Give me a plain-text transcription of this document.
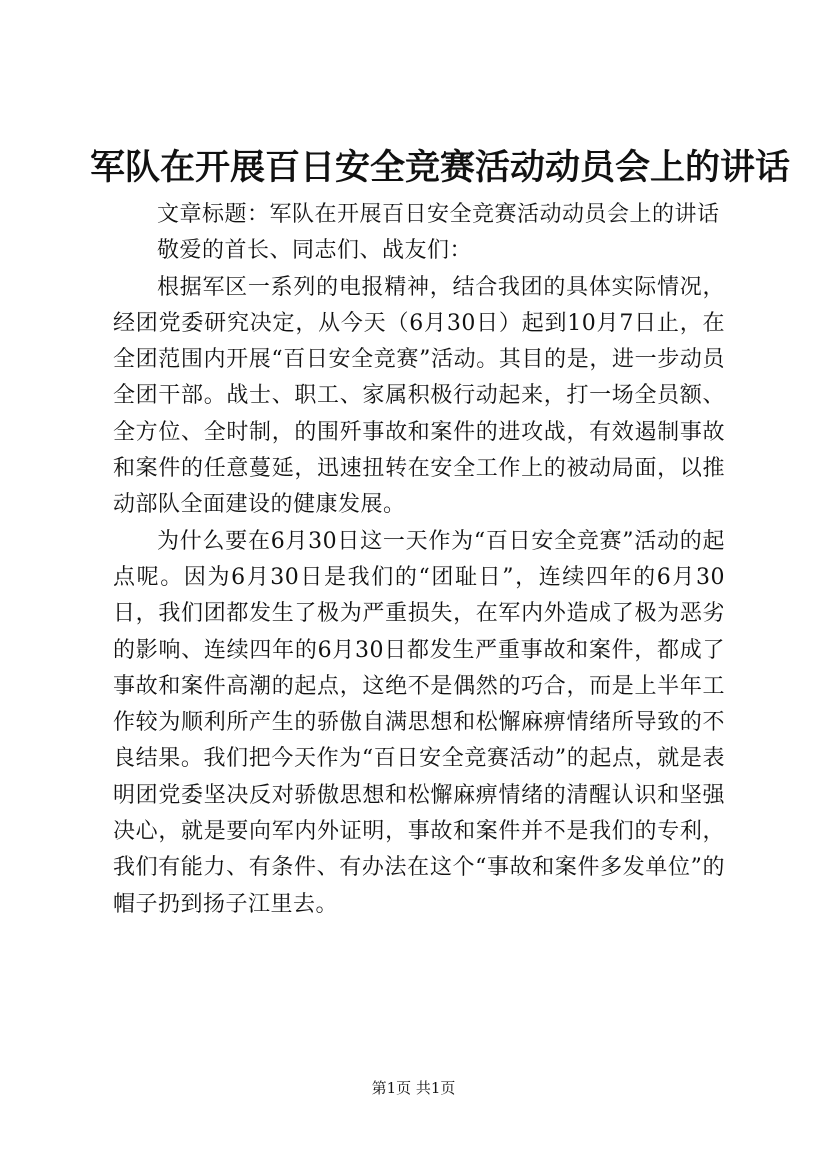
军队在开展百日安全竞赛活动动员会上的讲话

文章标题：军队在开展百日安全竞赛活动动员会上的讲话

敬爱的首长、同志们、战友们：

根据军区一系列的电报精神，结合我团的具体实际情况，经团党委研究决定，从今天（6月30日）起到10月7日止，在全团范围内开展“百日安全竞赛”活动。其目的是，进一步动员全团干部。战士、职工、家属积极行动起来，打一场全员额、全方位、全时制，的围歼事故和案件的进攻战，有效遏制事故和案件的任意蔓延，迅速扭转在安全工作上的被动局面，以推动部队全面建设的健康发展。

为什么要在6月30日这一天作为“百日安全竞赛”活动的起点呢。因为6月30日是我们的“团耻日”，连续四年的6月30日，我们团都发生了极为严重损失，在军内外造成了极为恶劣的影响、连续四年的6月30日都发生严重事故和案件，都成了事故和案件高潮的起点，这绝不是偶然的巧合，而是上半年工作较为顺利所产生的骄傲自满思想和松懈麻痹情绪所导致的不良结果。我们把今天作为“百日安全竞赛活动”的起点，就是表明团党委坚决反对骄傲思想和松懈麻痹情绪的清醒认识和坚强决心，就是要向军内外证明，事故和案件并不是我们的专利，我们有能力、有条件、有办法在这个“事故和案件多发单位”的帽子扔到扬子江里去。

第1页 共1页
